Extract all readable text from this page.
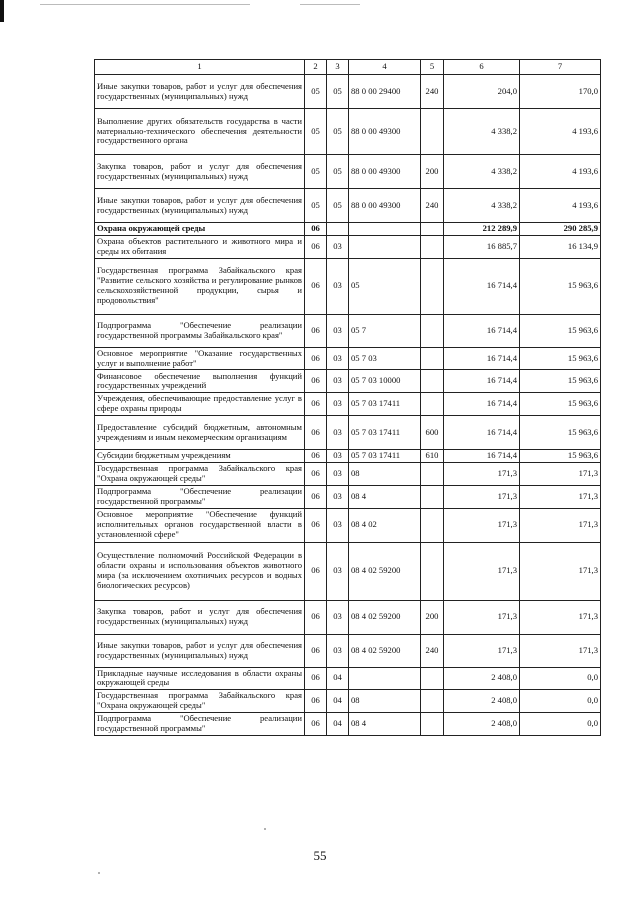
1	2	3	4	5	6	7
Иные закупки товаров, работ и услуг для обеспечения государственных (муниципальных) нужд	05	05	88 0 00 29400	240	204,0	170,0
Выполнение других обязательств государства в части материально-технического обеспечения деятельности государственного органа	05	05	88 0 00 49300		4 338,2	4 193,6
Закупка товаров, работ и услуг для обеспечения государственных (муниципальных) нужд	05	05	88 0 00 49300	200	4 338,2	4 193,6
Иные закупки товаров, работ и услуг для обеспечения государственных (муниципальных) нужд	05	05	88 0 00 49300	240	4 338,2	4 193,6
Охрана окружающей среды	06				212 289,9	290 285,9
Охрана объектов растительного и животного мира и среды их обитания	06	03			16 885,7	16 134,9
Государственная программа Забайкальского края "Развитие сельского хозяйства и регулирование рынков сельскохозяйственной продукции, сырья и продовольствия"	06	03	05		16 714,4	15 963,6
Подпрограмма "Обеспечение реализации государственной программы Забайкальского края"	06	03	05 7		16 714,4	15 963,6
Основное мероприятие "Оказание государственных услуг и выполнение работ"	06	03	05 7 03		16 714,4	15 963,6
Финансовое обеспечение выполнения функций государственных учреждений	06	03	05 7 03 10000		16 714,4	15 963,6
Учреждения, обеспечивающие предоставление услуг в сфере охраны природы	06	03	05 7 03 17411		16 714,4	15 963,6
Предоставление субсидий бюджетным, автономным учреждениям и иным некомерческим организациям	06	03	05 7 03 17411	600	16 714,4	15 963,6
Субсидии бюджетным учреждениям	06	03	05 7 03 17411	610	16 714,4	15 963,6
Государственная программа Забайкальского края "Охрана окружающей среды"	06	03	08		171,3	171,3
Подпрограмма "Обеспечение реализации государственной программы"	06	03	08 4		171,3	171,3
Основное мероприятие "Обеспечение функций исполнительных органов государственной власти в установленной сфере"	06	03	08 4 02		171,3	171,3
Осуществление полномочий Российской Федерации в области охраны и использования объектов животного мира (за исключением охотничьих ресурсов и водных биологических ресурсов)	06	03	08 4 02 59200		171,3	171,3
Закупка товаров, работ и услуг для обеспечения государственных (муниципальных) нужд	06	03	08 4 02 59200	200	171,3	171,3
Иные закупки товаров, работ и услуг для обеспечения государственных (муниципальных) нужд	06	03	08 4 02 59200	240	171,3	171,3
Прикладные научные исследования в области охраны окружающей среды	06	04			2 408,0	0,0
Государственная программа Забайкальского края "Охрана окружающей среды"	06	04	08		2 408,0	0,0
Подпрограмма "Обеспечение реализации государственной программы"	06	04	08 4		2 408,0	0,0
55
